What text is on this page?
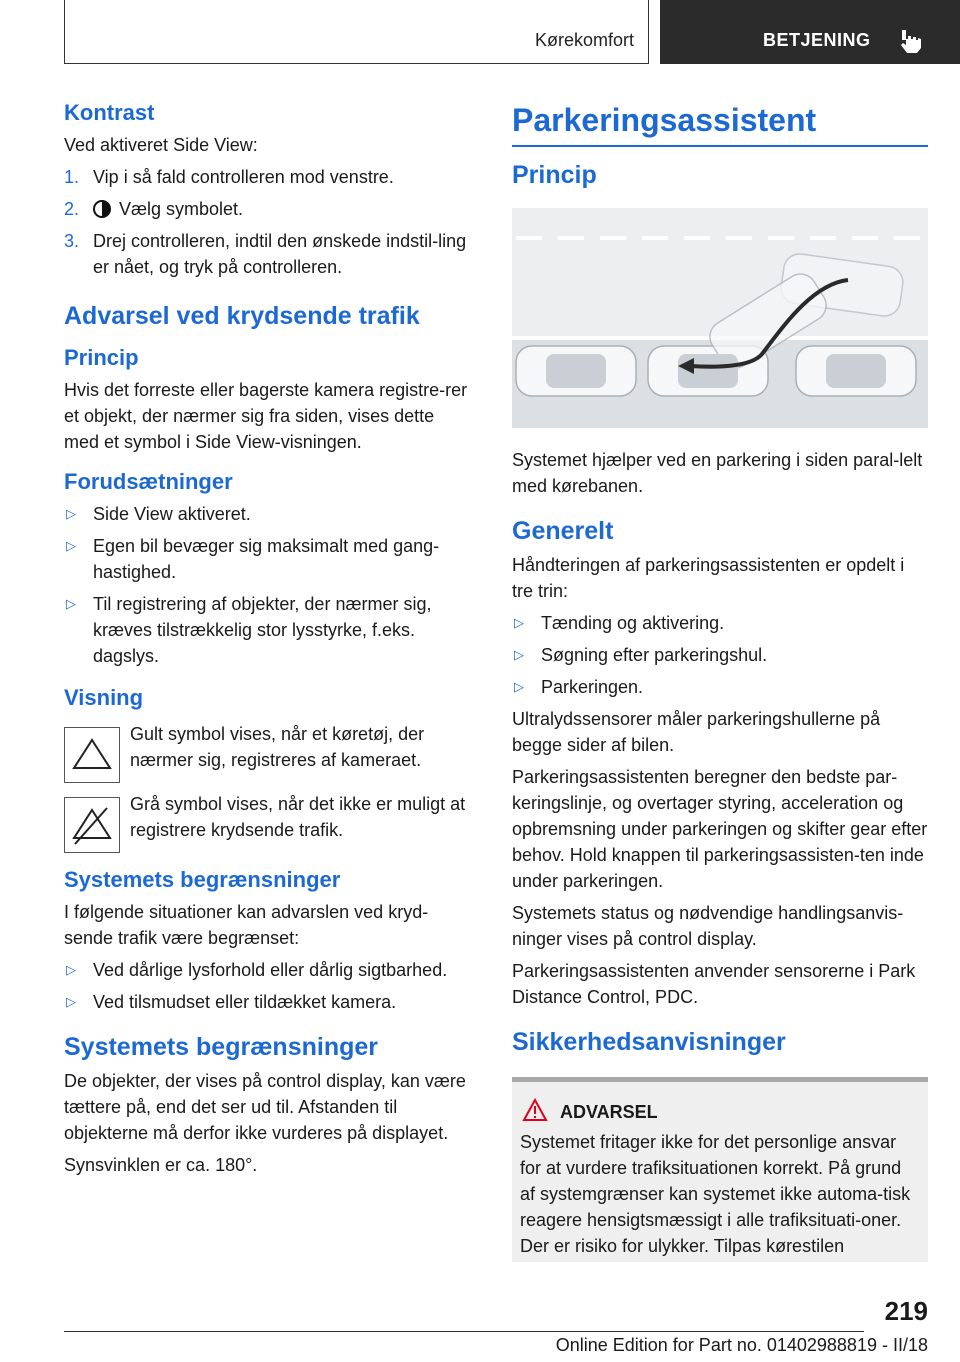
Kørekomfort	BETJENING
Kontrast

Ved aktiveret Side View:

1. Vip i så fald controlleren mod venstre.
2. Vælg symbolet.
3. Drej controlleren, indtil den ønskede indstil-ling er nået, og tryk på controlleren.
Advarsel ved krydsende trafik
Princip

Hvis det forreste eller bagerste kamera registre-rer et objekt, der nærmer sig fra siden, vises dette med et symbol i Side View-visningen.

Forudsætninger
▷ Side View aktiveret.
▷ Egen bil bevæger sig maksimalt med gang-hastighed.
▷ Til registrering af objekter, der nærmer sig, kræves tilstrækkelig stor lysstyrke, f.eks. dagslys.
Visning
Gult symbol vises, når et køretøj, der nærmer sig, registreres af kameraet.
Grå symbol vises, når det ikke er muligt at registrere krydsende trafik.
Systemets begrænsninger

I følgende situationer kan advarslen ved kryd-sende trafik være begrænset:

▷ Ved dårlige lysforhold eller dårlig sigtbarhed.
▷ Ved tilsmudset eller tildækket kamera.
Systemets begrænsninger

De objekter, der vises på control display, kan være tættere på, end det ser ud til. Afstanden til objekterne må derfor ikke vurderes på displayet.

Synsvinklen er ca. 180°.

Parkeringsassistent
Princip

Systemet hjælper ved en parkering i siden paral-lelt med kørebanen.

Generelt

Håndteringen af parkeringsassistenten er opdelt i tre trin:

▷ Tænding og aktivering.
▷ Søgning efter parkeringshul.
▷ Parkeringen.

Ultralydssensorer måler parkeringshullerne på begge sider af bilen.

Parkeringsassistenten beregner den bedste par-keringslinje, og overtager styring, acceleration og opbremsning under parkeringen og skifter gear efter behov. Hold knappen til parkeringsassisten-ten inde under parkeringen.

Systemets status og nødvendige handlingsanvis-ninger vises på control display.

Parkeringsassistenten anvender sensorerne i Park Distance Control, PDC.

Sikkerhedsanvisninger
ADVARSEL

Systemet fritager ikke for det personlige ansvar for at vurdere trafiksituationen korrekt. På grund af systemgrænser kan systemet ikke automa-tisk reagere hensigtsmæssigt i alle trafiksituati-oner. Der er risiko for ulykker. Tilpas kørestilen

219
Online Edition for Part no. 01402988819 - II/18
